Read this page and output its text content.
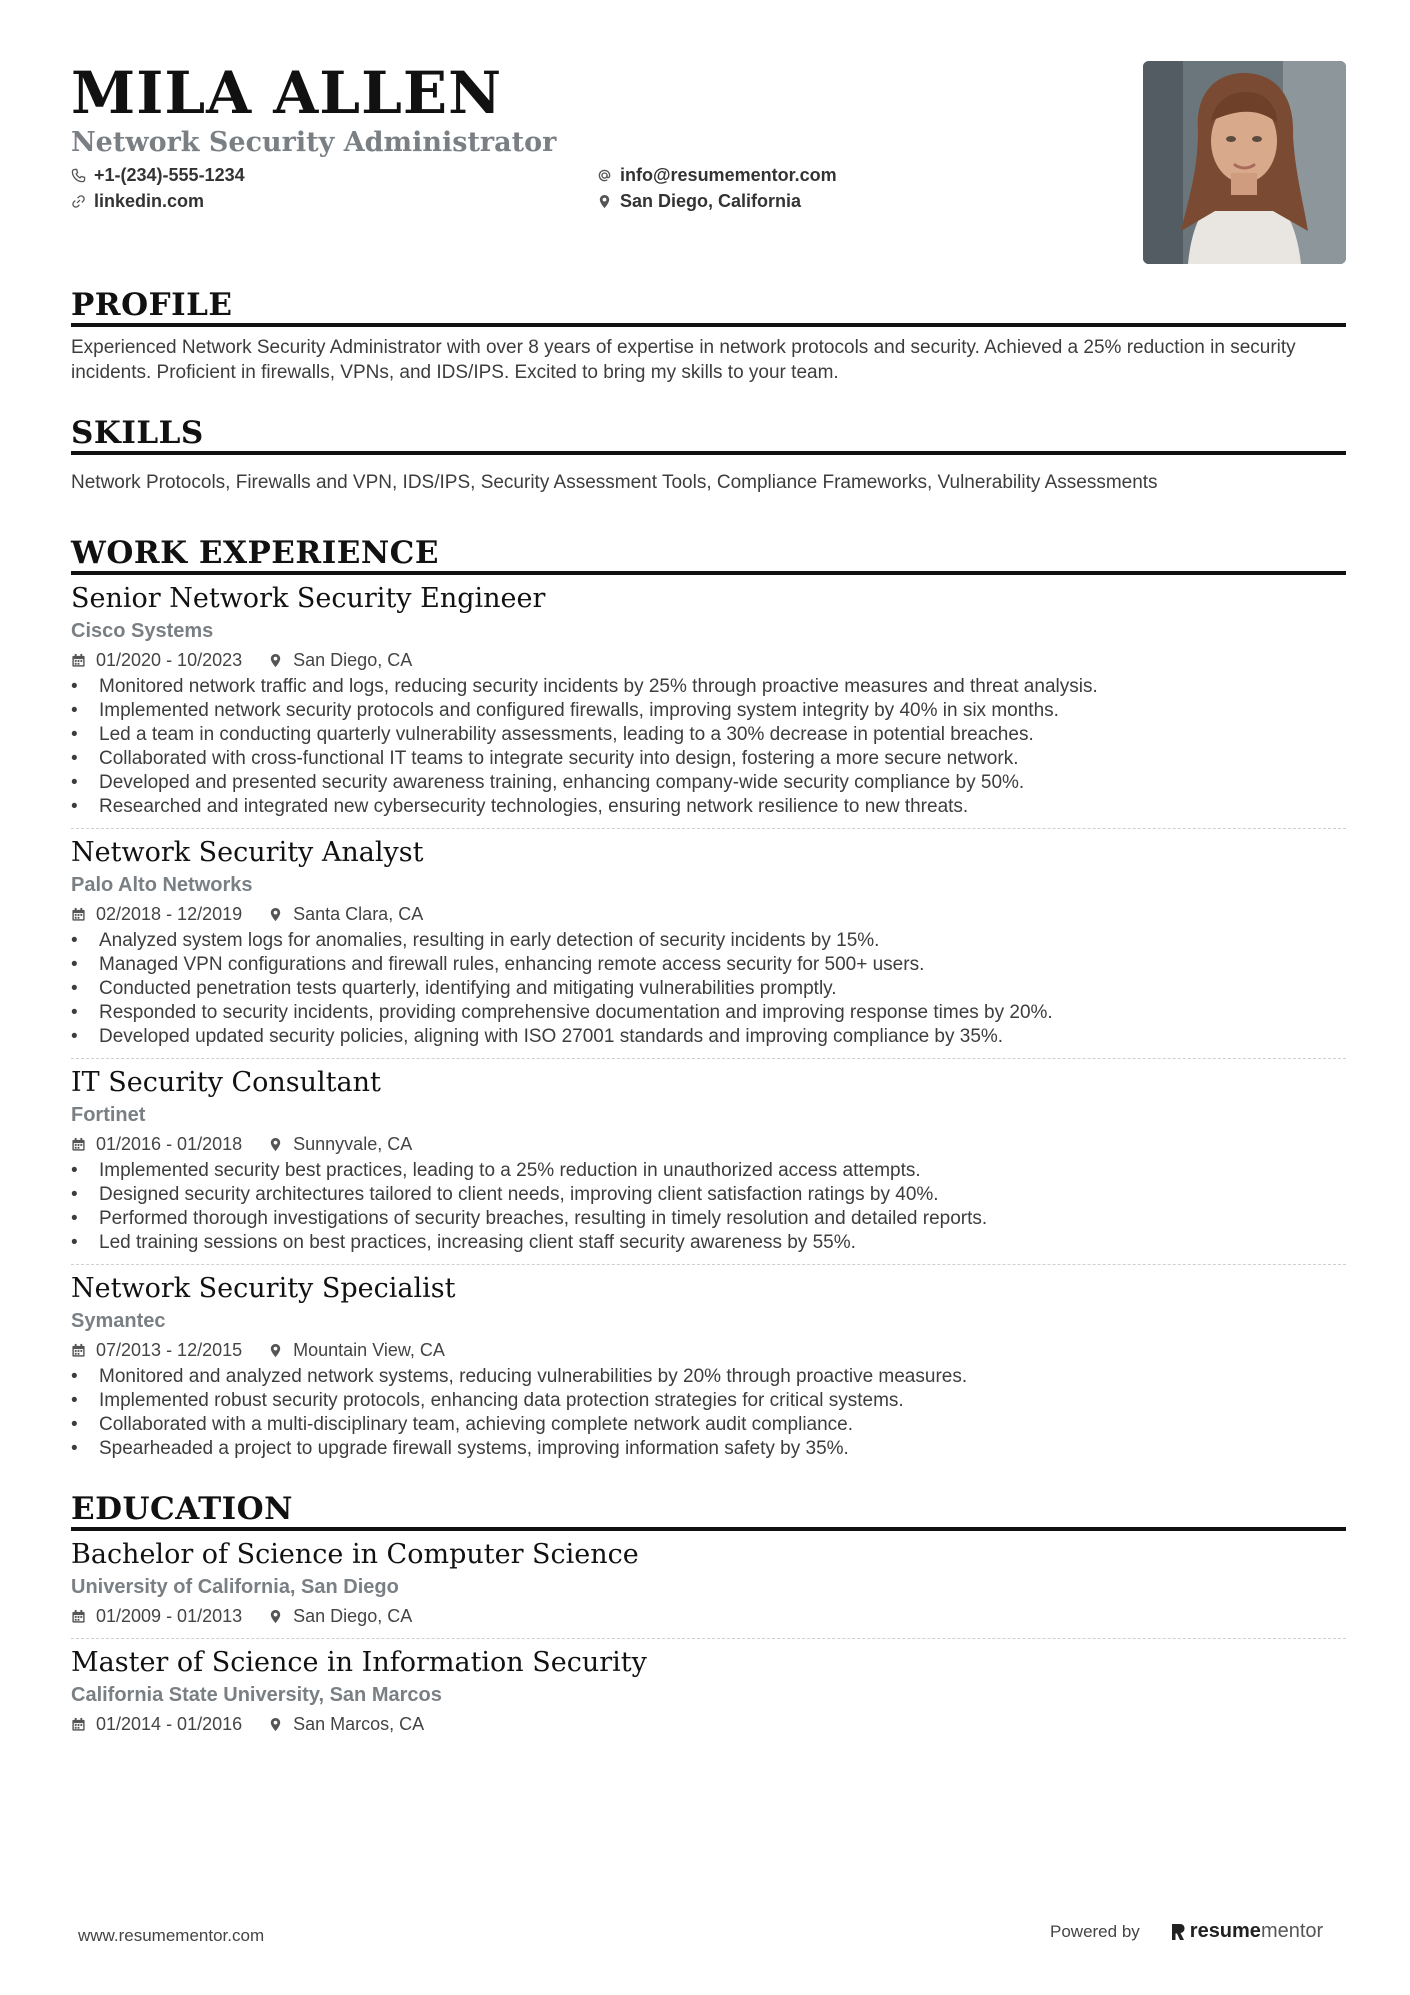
MILA ALLEN
Network Security Administrator
+1-(234)-555-1234	info@resumementor.com
linkedin.com	San Diego, California
PROFILE
Experienced Network Security Administrator with over 8 years of expertise in network protocols and security. Achieved a 25% reduction in security incidents. Proficient in firewalls, VPNs, and IDS/IPS. Excited to bring my skills to your team.
SKILLS
Network Protocols, Firewalls and VPN, IDS/IPS, Security Assessment Tools, Compliance Frameworks, Vulnerability Assessments
WORK EXPERIENCE
Senior Network Security Engineer
Cisco Systems
01/2020 - 10/2023	San Diego, CA
• Monitored network traffic and logs, reducing security incidents by 25% through proactive measures and threat analysis.
• Implemented network security protocols and configured firewalls, improving system integrity by 40% in six months.
• Led a team in conducting quarterly vulnerability assessments, leading to a 30% decrease in potential breaches.
• Collaborated with cross-functional IT teams to integrate security into design, fostering a more secure network.
• Developed and presented security awareness training, enhancing company-wide security compliance by 50%.
• Researched and integrated new cybersecurity technologies, ensuring network resilience to new threats.
Network Security Analyst
Palo Alto Networks
02/2018 - 12/2019	Santa Clara, CA
• Analyzed system logs for anomalies, resulting in early detection of security incidents by 15%.
• Managed VPN configurations and firewall rules, enhancing remote access security for 500+ users.
• Conducted penetration tests quarterly, identifying and mitigating vulnerabilities promptly.
• Responded to security incidents, providing comprehensive documentation and improving response times by 20%.
• Developed updated security policies, aligning with ISO 27001 standards and improving compliance by 35%.
IT Security Consultant
Fortinet
01/2016 - 01/2018	Sunnyvale, CA
• Implemented security best practices, leading to a 25% reduction in unauthorized access attempts.
• Designed security architectures tailored to client needs, improving client satisfaction ratings by 40%.
• Performed thorough investigations of security breaches, resulting in timely resolution and detailed reports.
• Led training sessions on best practices, increasing client staff security awareness by 55%.
Network Security Specialist
Symantec
07/2013 - 12/2015	Mountain View, CA
• Monitored and analyzed network systems, reducing vulnerabilities by 20% through proactive measures.
• Implemented robust security protocols, enhancing data protection strategies for critical systems.
• Collaborated with a multi-disciplinary team, achieving complete network audit compliance.
• Spearheaded a project to upgrade firewall systems, improving information safety by 35%.
EDUCATION
Bachelor of Science in Computer Science
University of California, San Diego
01/2009 - 01/2013	San Diego, CA
Master of Science in Information Security
California State University, San Marcos
01/2014 - 01/2016	San Marcos, CA
www.resumementor.com	Powered by	resume mentor
